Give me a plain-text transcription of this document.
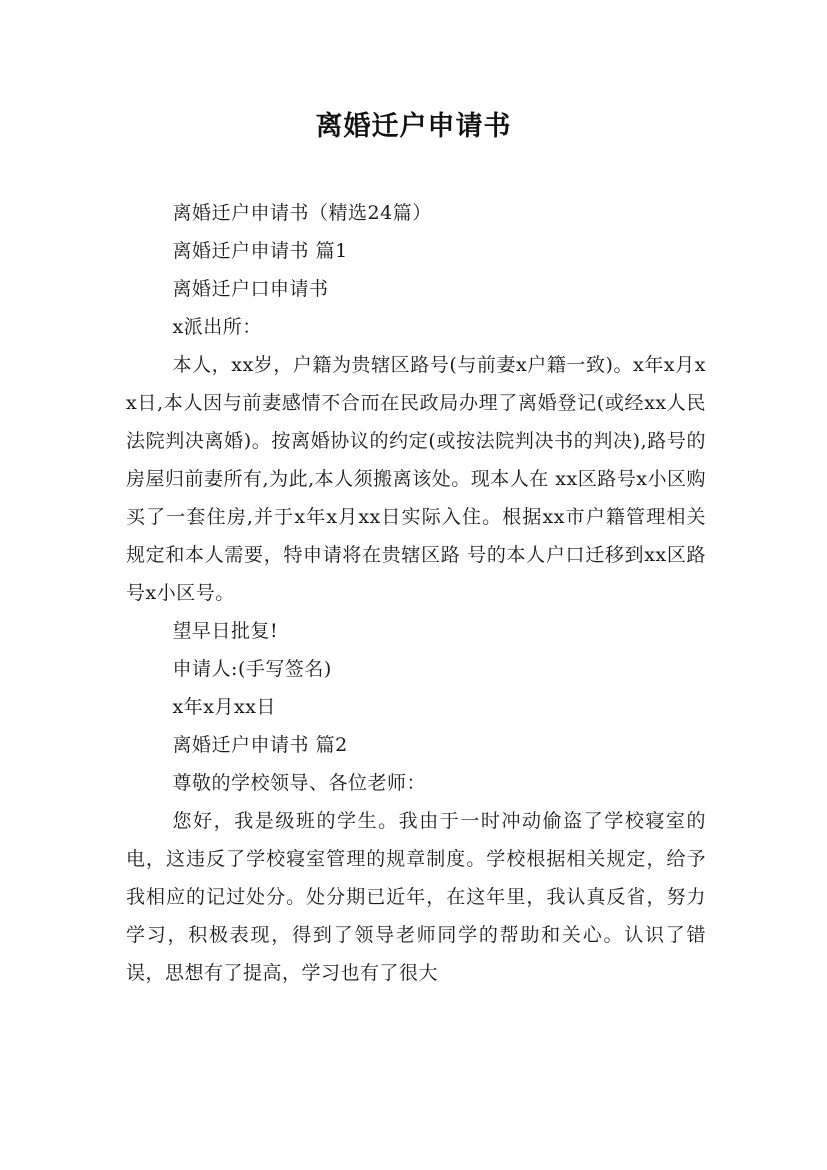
离婚迁户申请书

离婚迁户申请书（精选24篇）

离婚迁户申请书 篇1

离婚迁户口申请书

x派出所：

本人，xx岁，户籍为贵辖区路号(与前妻x户籍一致)。x年x月xx日,本人因与前妻感情不合而在民政局办理了离婚登记(或经xx人民法院判决离婚)。按离婚协议的约定(或按法院判决书的判决),路号的房屋归前妻所有,为此,本人须搬离该处。现本人在 xx区路号x小区购买了一套住房,并于x年x月xx日实际入住。根据xx市户籍管理相关规定和本人需要，特申请将在贵辖区路 号的本人户口迁移到xx区路号x小区号。

望早日批复!

申请人:(手写签名)

x年x月xx日

离婚迁户申请书 篇2

尊敬的学校领导、各位老师：

您好，我是级班的学生。我由于一时冲动偷盗了学校寝室的电，这违反了学校寝室管理的规章制度。学校根据相关规定，给予我相应的记过处分。处分期已近年，在这年里，我认真反省，努力学习，积极表现，得到了领导老师同学的帮助和关心。认识了错误，思想有了提高，学习也有了很大
